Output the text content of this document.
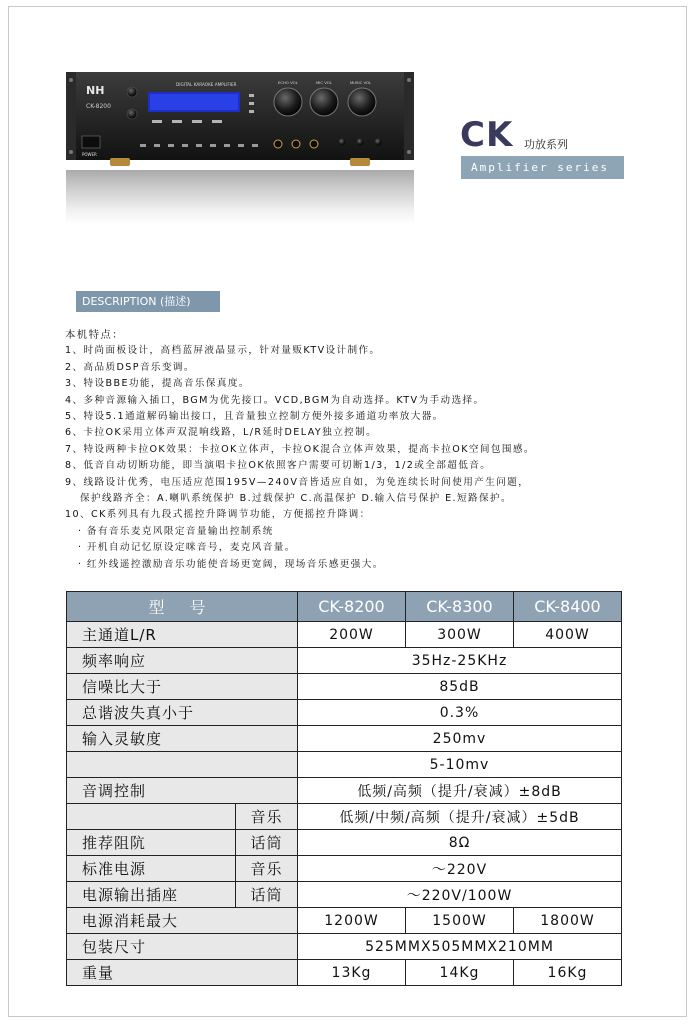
NH
CK-8200
DIGITAL KARAOKE AMPLIFIER	ECHO VOL	MIC VOL	MUSIC VOL
POWER	CK 功放系列
Amplifier series
DESCRIPTION (描述)
本机特点：
1、时尚面板设计，高档蓝屏液晶显示，针对量贩KTV设计制作。
2、高品质DSP音乐变调。
3、特设BBE功能，提高音乐保真度。
4、多种音源输入插口，BGM为优先接口。VCD,BGM为自动选择。KTV为手动选择。
5、特设5.1通道解码输出接口，且音量独立控制方便外接多通道功率放大器。
6、卡拉OK采用立体声双混响线路，L/R延时DELAY独立控制。
7、特设两种卡拉OK效果：卡拉OK立体声，卡拉OK混合立体声效果，提高卡拉OK空间包围感。
8、低音自动切断功能，即当演唱卡拉OK依照客户需要可切断1/3，1/2或全部超低音。
9、线路设计优秀，电压适应范围195V—240V音皆适应自如，为免连续长时间使用产生问题，
保护线路齐全：A.喇叭系统保护 B.过载保护 C.高温保护 D.输入信号保护 E.短路保护。
10、CK系列具有九段式摇控升降调节功能，方便摇控升降调：
· 备有音乐麦克风限定音量输出控制系统
· 开机自动记忆原设定咪音号，麦克风音量。
· 红外线遥控激励音乐功能使音场更宽阔，现场音乐感更强大。
型 号		CK-8200	CK-8300	CK-8400
主通道L/R		200W	300W	400W
频率响应		35Hz-25KHz		
信噪比大于		85dB		
总谐波失真小于		0.3%		
输入灵敏度		250mv		
		5-10mv		
音调控制		低频/高频（提升/衰减）±8dB		
	音乐	低频/中频/高频（提升/衰减）±5dB		
推荐阻阬	话筒	8Ω		
标准电源	音乐	～220V		
电源输出插座	话筒	～220V/100W		
电源消耗最大		1200W	1500W	1800W
包装尺寸		525MMX505MMX210MM		
重量		13Kg	14Kg	16Kg
